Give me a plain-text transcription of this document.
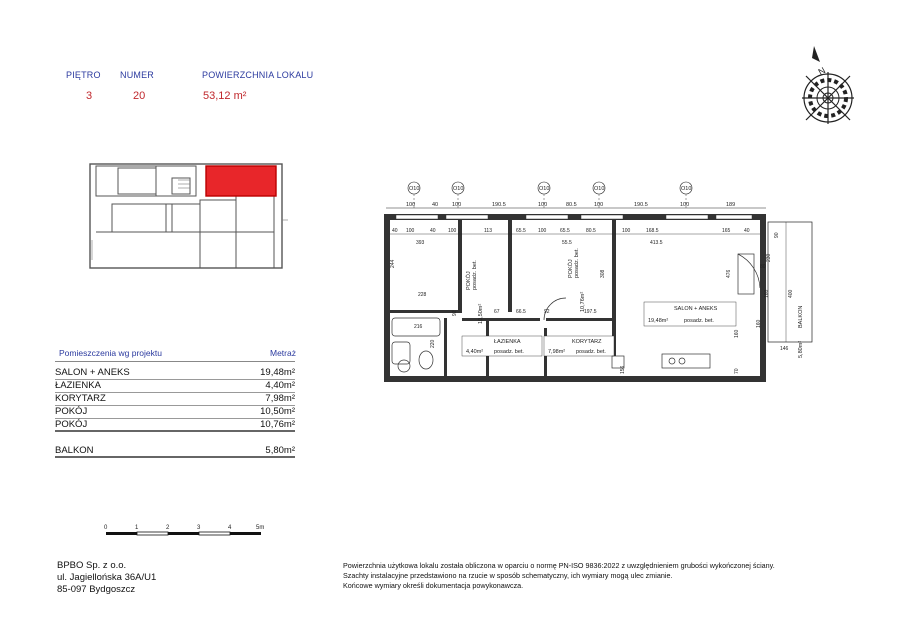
PIĘTRO NUMER	POWIERZCHNIA LOKALU
3	20	53,12 m²
N
Pomieszczenia wg projektu	Metraż
SALON + ANEKS	19,48m²
ŁAZIENKA	4,40m²
KORYTARZ	7,98m²
POKÓJ	10,50m²
POKÓJ	10,76m²
BALKON	5,80m²
0	1	2	3	4	5m
BPBO Sp. z o.o.
ul. Jagiellońska 36A/U1
85-097 Bydgoszcz
Powierzchnia użytkowa lokalu została obliczona w oparciu o normę PN-ISO 9836:2022 z uwzględnieniem grubości wykończonej ściany.
Szachty instalacyjne przedstawiono na rzucie w sposób schematyczny, ich wymiary mogą ulec zmianie.
Końcowe wymiary określi dokumentacja powykonawcza.
O10	O10	O10	O10	O10
100	40	100	190.5	100	80.5	100	190.5	100	189
40 100	40 100	113	65.5 100	65.5	80.5	100	168.5	165	40
393	413.5
55.5
POKÓJ posadz. bet.
10,50m²
POKÓJ posadz. bet.
10,76m²	SALON + ANEKS
19,48m²	posadz. bet.
ŁAZIENKA
4,40m² posadz. bet.
KORYTARZ
7,98m² posadz. bet.
BALKON
5,80m²
244
228
92
216
220
67	66.5	92	197.5
308	476
160
70
80
156
160
230
400
90
146
160
